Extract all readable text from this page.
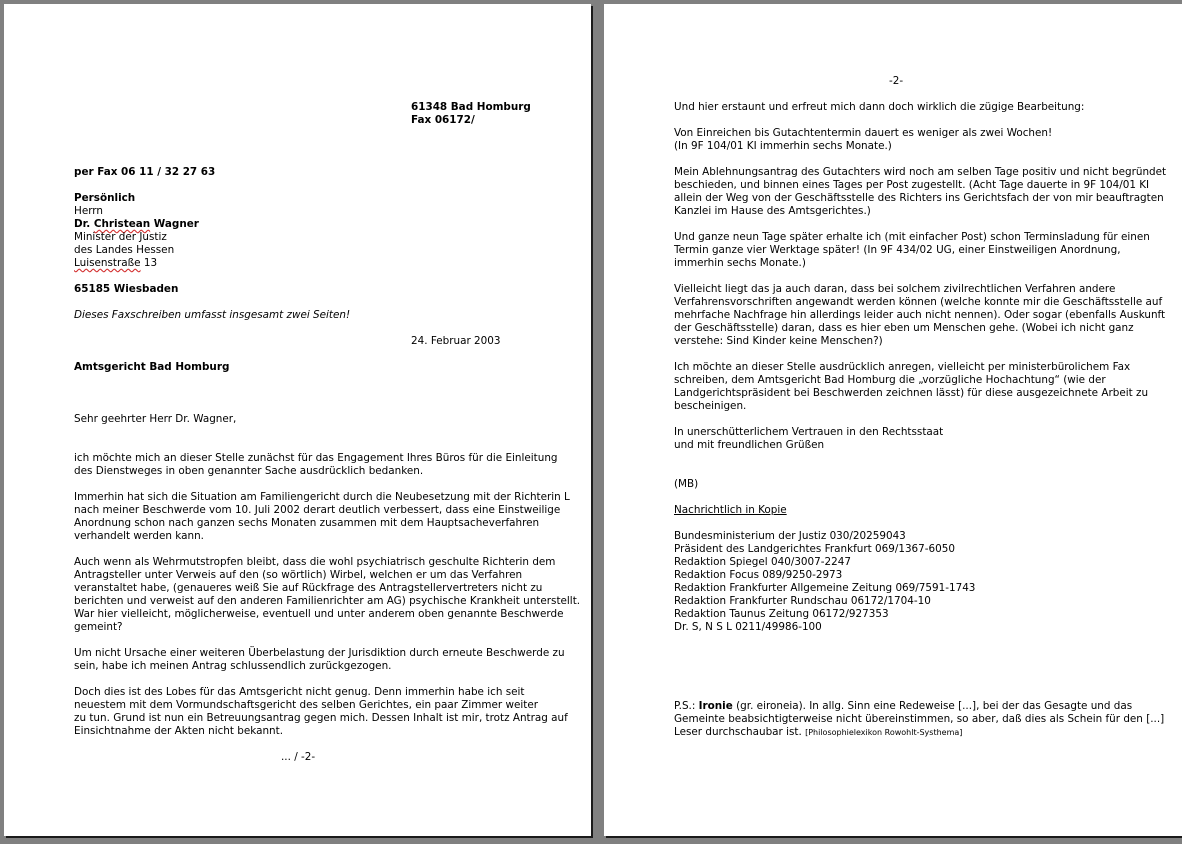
61348 Bad Homburg
Fax 06172/
per Fax 06 11 / 32 27 63
Persönlich
Herrn
Dr. Christean Wagner
Minister der Justiz
des Landes Hessen
Luisenstraße 13
65185 Wiesbaden
Dieses Faxschreiben umfasst insgesamt zwei Seiten!
24. Februar 2003
Amtsgericht Bad Homburg
Sehr geehrter Herr Dr. Wagner,
ich möchte mich an dieser Stelle zunächst für das Engagement Ihres Büros für die Einleitung
des Dienstweges in oben genannter Sache ausdrücklich bedanken.
Immerhin hat sich die Situation am Familiengericht durch die Neubesetzung mit der Richterin L
nach meiner Beschwerde vom 10. Juli 2002 derart deutlich verbessert, dass eine Einstweilige
Anordnung schon nach ganzen sechs Monaten zusammen mit dem Hauptsacheverfahren
verhandelt werden kann.
Auch wenn als Wehrmutstropfen bleibt, dass die wohl psychiatrisch geschulte Richterin dem
Antragsteller unter Verweis auf den (so wörtlich) Wirbel, welchen er um das Verfahren
veranstaltet habe, (genaueres weiß Sie auf Rückfrage des Antragstellervertreters nicht zu
berichten und verweist auf den anderen Familienrichter am AG) psychische Krankheit unterstellt.
War hier vielleicht, möglicherweise, eventuell und unter anderem oben genannte Beschwerde
gemeint?
Um nicht Ursache einer weiteren Überbelastung der Jurisdiktion durch erneute Beschwerde zu
sein, habe ich meinen Antrag schlussendlich zurückgezogen.
Doch dies ist des Lobes für das Amtsgericht nicht genug. Denn immerhin habe ich seit
neuestem mit dem Vormundschaftsgericht des selben Gerichtes, ein paar Zimmer weiter
zu tun. Grund ist nun ein Betreuungsantrag gegen mich. Dessen Inhalt ist mir, trotz Antrag auf
Einsichtnahme der Akten nicht bekannt.
... / -2-
-2-
Und hier erstaunt und erfreut mich dann doch wirklich die zügige Bearbeitung:
Von Einreichen bis Gutachtentermin dauert es weniger als zwei Wochen!
(In 9F 104/01 KI immerhin sechs Monate.)
Mein Ablehnungsantrag des Gutachters wird noch am selben Tage positiv und nicht begründet
beschieden, und binnen eines Tages per Post zugestellt. (Acht Tage dauerte in 9F 104/01 KI
allein der Weg von der Geschäftsstelle des Richters ins Gerichtsfach der von mir beauftragten
Kanzlei im Hause des Amtsgerichtes.)
Und ganze neun Tage später erhalte ich (mit einfacher Post) schon Terminsladung für einen
Termin ganze vier Werktage später! (In 9F 434/02 UG, einer Einstweiligen Anordnung,
immerhin sechs Monate.)
Vielleicht liegt das ja auch daran, dass bei solchem zivilrechtlichen Verfahren andere
Verfahrensvorschriften angewandt werden können (welche konnte mir die Geschäftsstelle auf
mehrfache Nachfrage hin allerdings leider auch nicht nennen). Oder sogar (ebenfalls Auskunft
der Geschäftsstelle) daran, dass es hier eben um Menschen gehe. (Wobei ich nicht ganz
verstehe: Sind Kinder keine Menschen?)
Ich möchte an dieser Stelle ausdrücklich anregen, vielleicht per ministerbürolichem Fax
schreiben, dem Amtsgericht Bad Homburg die „vorzügliche Hochachtung“ (wie der
Landgerichtspräsident bei Beschwerden zeichnen lässt) für diese ausgezeichnete Arbeit zu
bescheinigen.
In unerschütterlichem Vertrauen in den Rechtsstaat
und mit freundlichen Grüßen
(MB)
Nachrichtlich in Kopie
Bundesministerium der Justiz 030/20259043
Präsident des Landgerichtes Frankfurt 069/1367-6050
Redaktion Spiegel 040/3007-2247
Redaktion Focus 089/9250-2973
Redaktion Frankfurter Allgemeine Zeitung 069/7591-1743
Redaktion Frankfurter Rundschau 06172/1704-10
Redaktion Taunus Zeitung 06172/927353
Dr. S, N S L 0211/49986-100
P.S.: Ironie (gr. eironeia). In allg. Sinn eine Redeweise [...], bei der das Gesagte und das
Gemeinte beabsichtigterweise nicht übereinstimmen, so aber, daß dies als Schein für den [...]
Leser durchschaubar ist. [Philosophielexikon Rowohlt-Systhema]
